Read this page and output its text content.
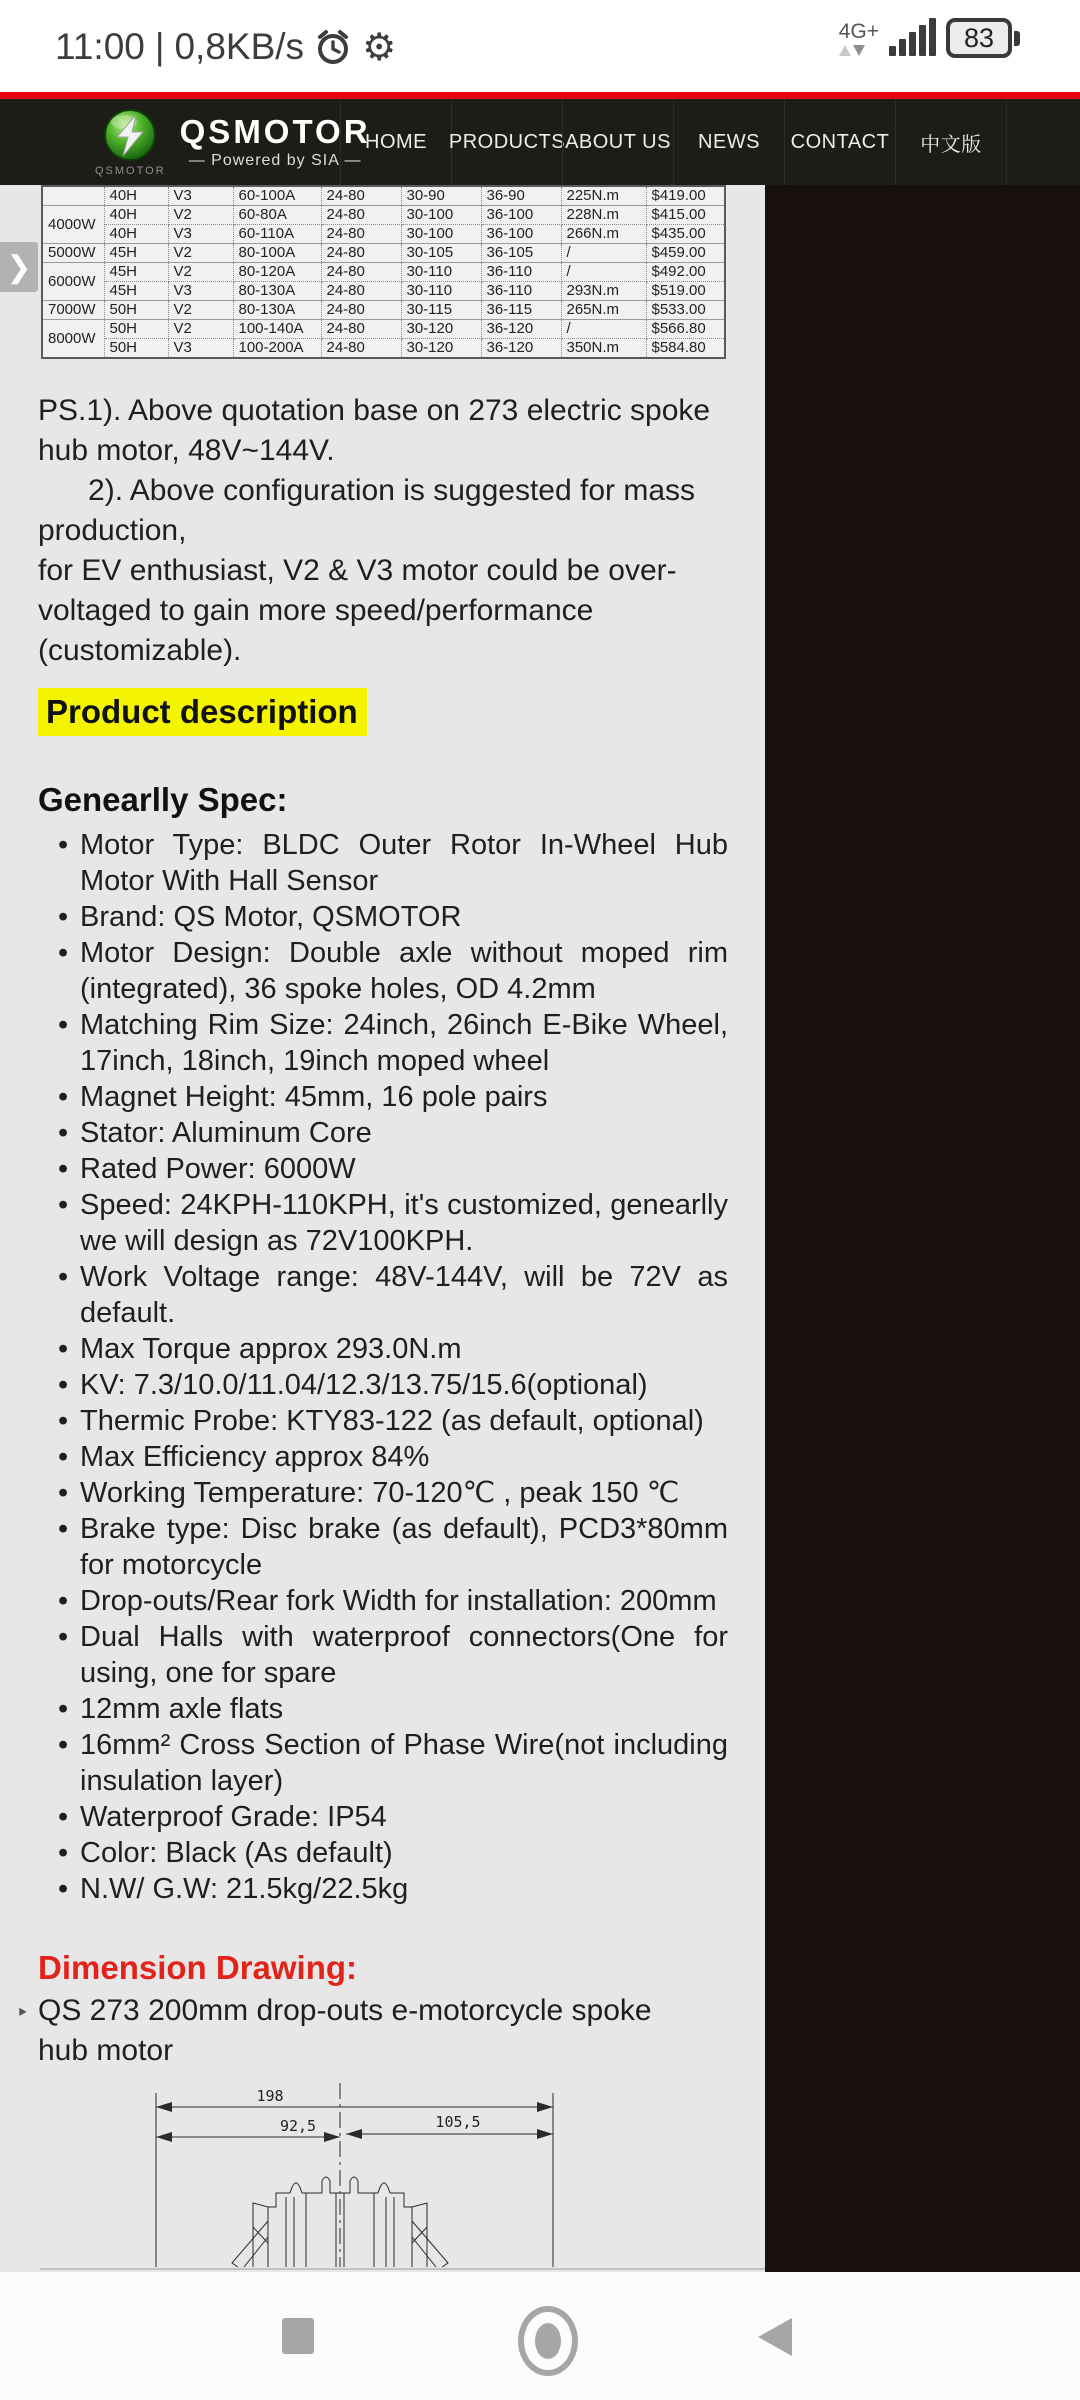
11:00 | 0,8KB/s ⚙	4G+	83
QSMOTOR
QSMOTOR
— Powered by SIA —
HOME	PRODUCTS ABOUT US	NEWS	CONTACT	中文版
	40H	V3	60-100A	24-80	30-90	36-90	225N.m	$419.00
4000W	40H	V2	60-80A	24-80	30-100	36-100	228N.m	$415.00
	40H	V3	60-110A	24-80	30-100	36-100	266N.m	$435.00
5000W	45H	V2	80-100A	24-80	30-105	36-105	/	$459.00
6000W	45H	V2	80-120A	24-80	30-110	36-110	/	$492.00
	45H	V3	80-130A	24-80	30-110	36-110	293N.m	$519.00
7000W	50H	V2	80-130A	24-80	30-115	36-115	265N.m	$533.00
8000W	50H	V2	100-140A	24-80	30-120	36-120	/	$566.80
	50H	V3	100-200A	24-80	30-120	36-120	350N.m	$584.80
❯
PS.1). Above quotation base on 273 electric spoke hub motor, 48V~144V.
2). Above configuration is suggested for mass production,
for EV enthusiast, V2 & V3 motor could be over-voltaged to gain more speed/performance (customizable).
Product description
Genearlly Spec:
• Motor Type: BLDC Outer Rotor In-Wheel Hub Motor With Hall Sensor
• Brand: QS Motor, QSMOTOR
• Motor Design: Double axle without moped rim (integrated), 36 spoke holes, OD 4.2mm
• Matching Rim Size: 24inch, 26inch E-Bike Wheel, 17inch, 18inch, 19inch moped wheel
• Magnet Height: 45mm, 16 pole pairs
• Stator: Aluminum Core
• Rated Power: 6000W
• Speed: 24KPH-110KPH, it's customized, genearlly we will design as 72V100KPH.
• Work Voltage range: 48V-144V, will be 72V as default.
• Max Torque approx 293.0N.m
• KV: 7.3/10.0/11.04/12.3/13.75/15.6(optional)
• Thermic Probe: KTY83-122 (as default, optional)
• Max Efficiency approx 84%
• Working Temperature: 70-120℃ , peak 150 ℃
• Brake type: Disc brake (as default), PCD3*80mm for motorcycle
• Drop-outs/Rear fork Width for installation: 200mm
• Dual Halls with waterproof connectors(One for using, one for spare
• 12mm axle flats
• 16mm² Cross Section of Phase Wire(not including insulation layer)
• Waterproof Grade: IP54
• Color: Black (As default)
• N.W/ G.W: 21.5kg/22.5kg
Dimension Drawing:
‣ QS 273 200mm drop-outs e-motorcycle spoke hub motor
198
92,5	105,5
